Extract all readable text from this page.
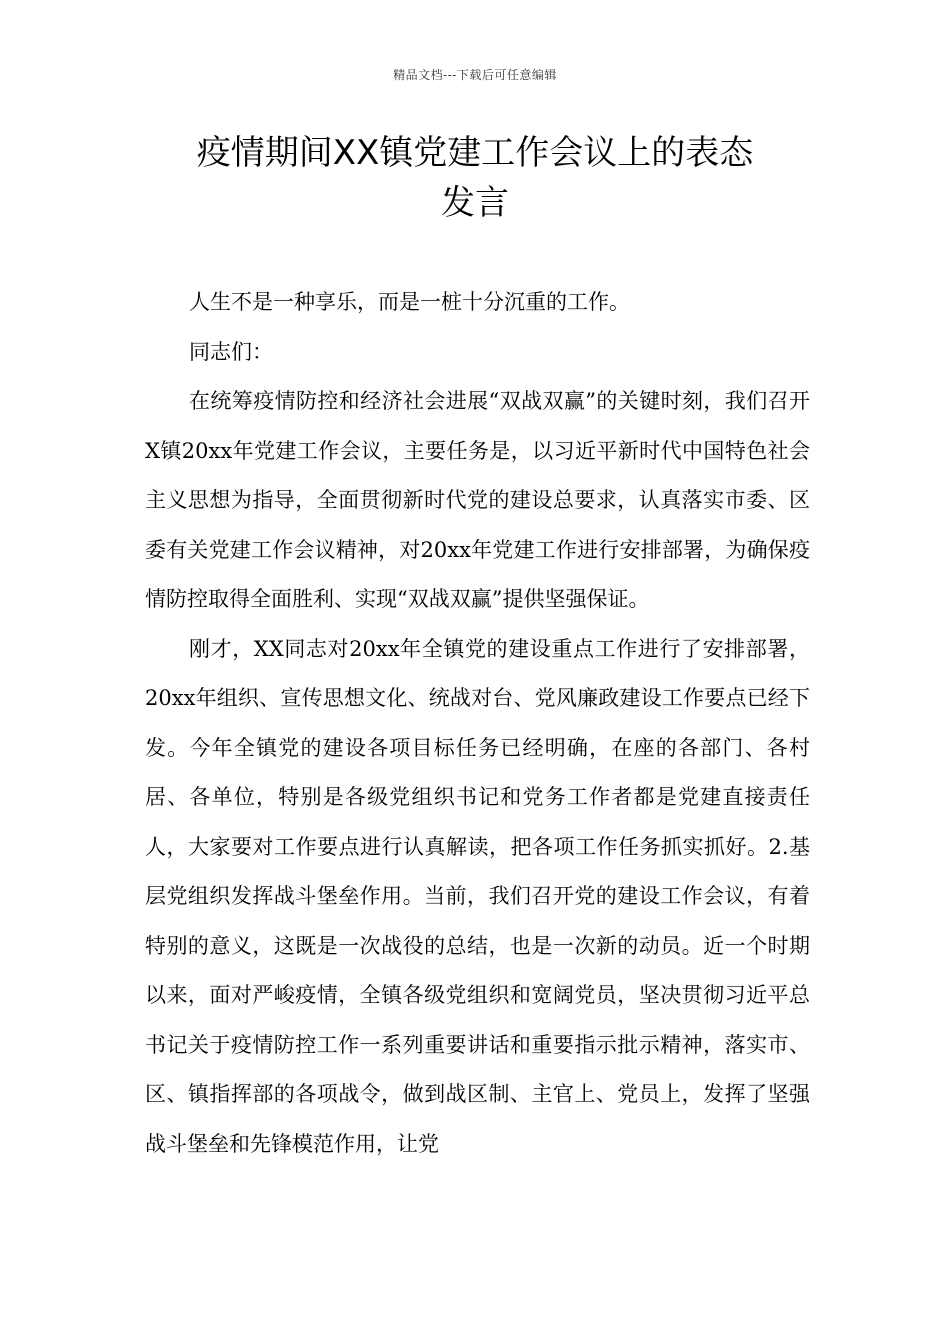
精品文档---下载后可任意编辑
疫情期间XX镇党建工作会议上的表态
发言

人生不是一种享乐，而是一桩十分沉重的工作。

同志们：

在统筹疫情防控和经济社会进展“双战双赢”的关键时刻，我们召开X镇20xx年党建工作会议，主要任务是，以习近平新时代中国特色社会主义思想为指导，全面贯彻新时代党的建设总要求，认真落实市委、区委有关党建工作会议精神，对20xx年党建工作进行安排部署，为确保疫情防控取得全面胜利、实现“双战双赢”提供坚强保证。

刚才，XX同志对20xx年全镇党的建设重点工作进行了安排部署，20xx年组织、宣传思想文化、统战对台、党风廉政建设工作要点已经下发。今年全镇党的建设各项目标任务已经明确，在座的各部门、各村居、各单位，特别是各级党组织书记和党务工作者都是党建直接责任人，大家要对工作要点进行认真解读，把各项工作任务抓实抓好。2.基层党组织发挥战斗堡垒作用。当前，我们召开党的建设工作会议，有着特别的意义，这既是一次战役的总结，也是一次新的动员。近一个时期以来，面对严峻疫情，全镇各级党组织和宽阔党员，坚决贯彻习近平总书记关于疫情防控工作一系列重要讲话和重要指示批示精神，落实市、区、镇指挥部的各项战令，做到战区制、主官上、党员上，发挥了坚强战斗堡垒和先锋模范作用，让党
